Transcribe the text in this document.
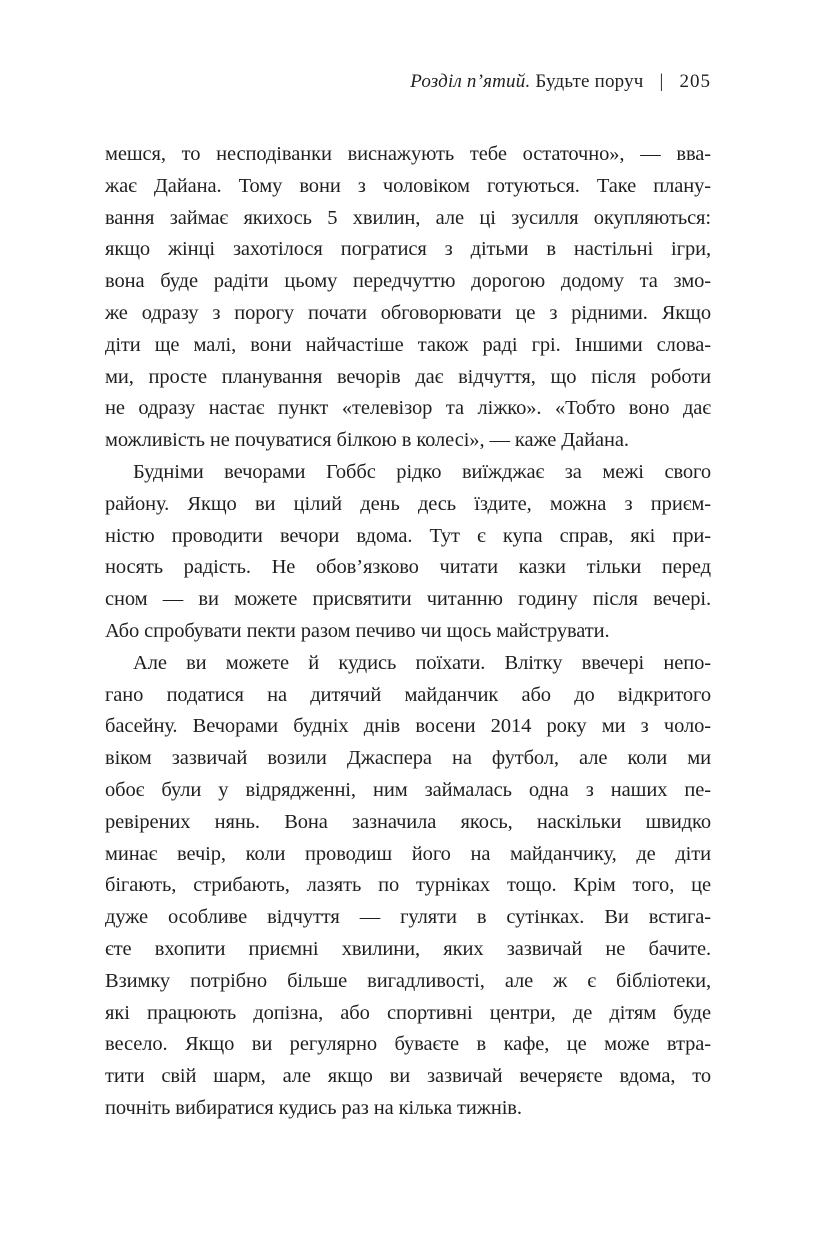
Розділ п’ятий. Будьте поруч | 205
мешся, то несподіванки виснажують тебе остаточно», — вва-
жає Дайана. Тому вони з чоловіком готуються. Таке плану-
вання займає якихось 5 хвилин, але ці зусилля окупляються:
якщо жінці захотілося погратися з дітьми в настільні ігри,
вона буде радіти цьому передчуттю дорогою додому та змо-
же одразу з порогу почати обговорювати це з рідними. Якщо
діти ще малі, вони найчастіше також раді грі. Іншими слова-
ми, просте планування вечорів дає відчуття, що після роботи
не одразу настає пункт «телевізор та ліжко». «Тобто воно дає
можливість не почуватися білкою в колесі», — каже Дайана.
Будніми вечорами Гоббс рідко виїжджає за межі свого
району. Якщо ви цілий день десь їздите, можна з приєм-
ністю проводити вечори вдома. Тут є купа справ, які при-
носять радість. Не обов’язково читати казки тільки перед
сном — ви можете присвятити читанню годину після вечері.
Або спробувати пекти разом печиво чи щось майструвати.
Але ви можете й кудись поїхати. Влітку ввечері непо-
гано податися на дитячий майданчик або до відкритого
басейну. Вечорами будніх днів восени 2014 року ми з чоло-
віком зазвичай возили Джаспера на футбол, але коли ми
обоє були у відрядженні, ним займалась одна з наших пе-
ревірених нянь. Вона зазначила якось, наскільки швидко
минає вечір, коли проводиш його на майданчику, де діти
бігають, стрибають, лазять по турніках тощо. Крім того, це
дуже особливе відчуття — гуляти в сутінках. Ви встига-
єте вхопити приємні хвилини, яких зазвичай не бачите.
Взимку потрібно більше вигадливості, але ж є бібліотеки,
які працюють допізна, або спортивні центри, де дітям буде
весело. Якщо ви регулярно буваєте в кафе, це може втра-
тити свій шарм, але якщо ви зазвичай вечеряєте вдома, то
почніть вибиратися кудись раз на кілька тижнів.
